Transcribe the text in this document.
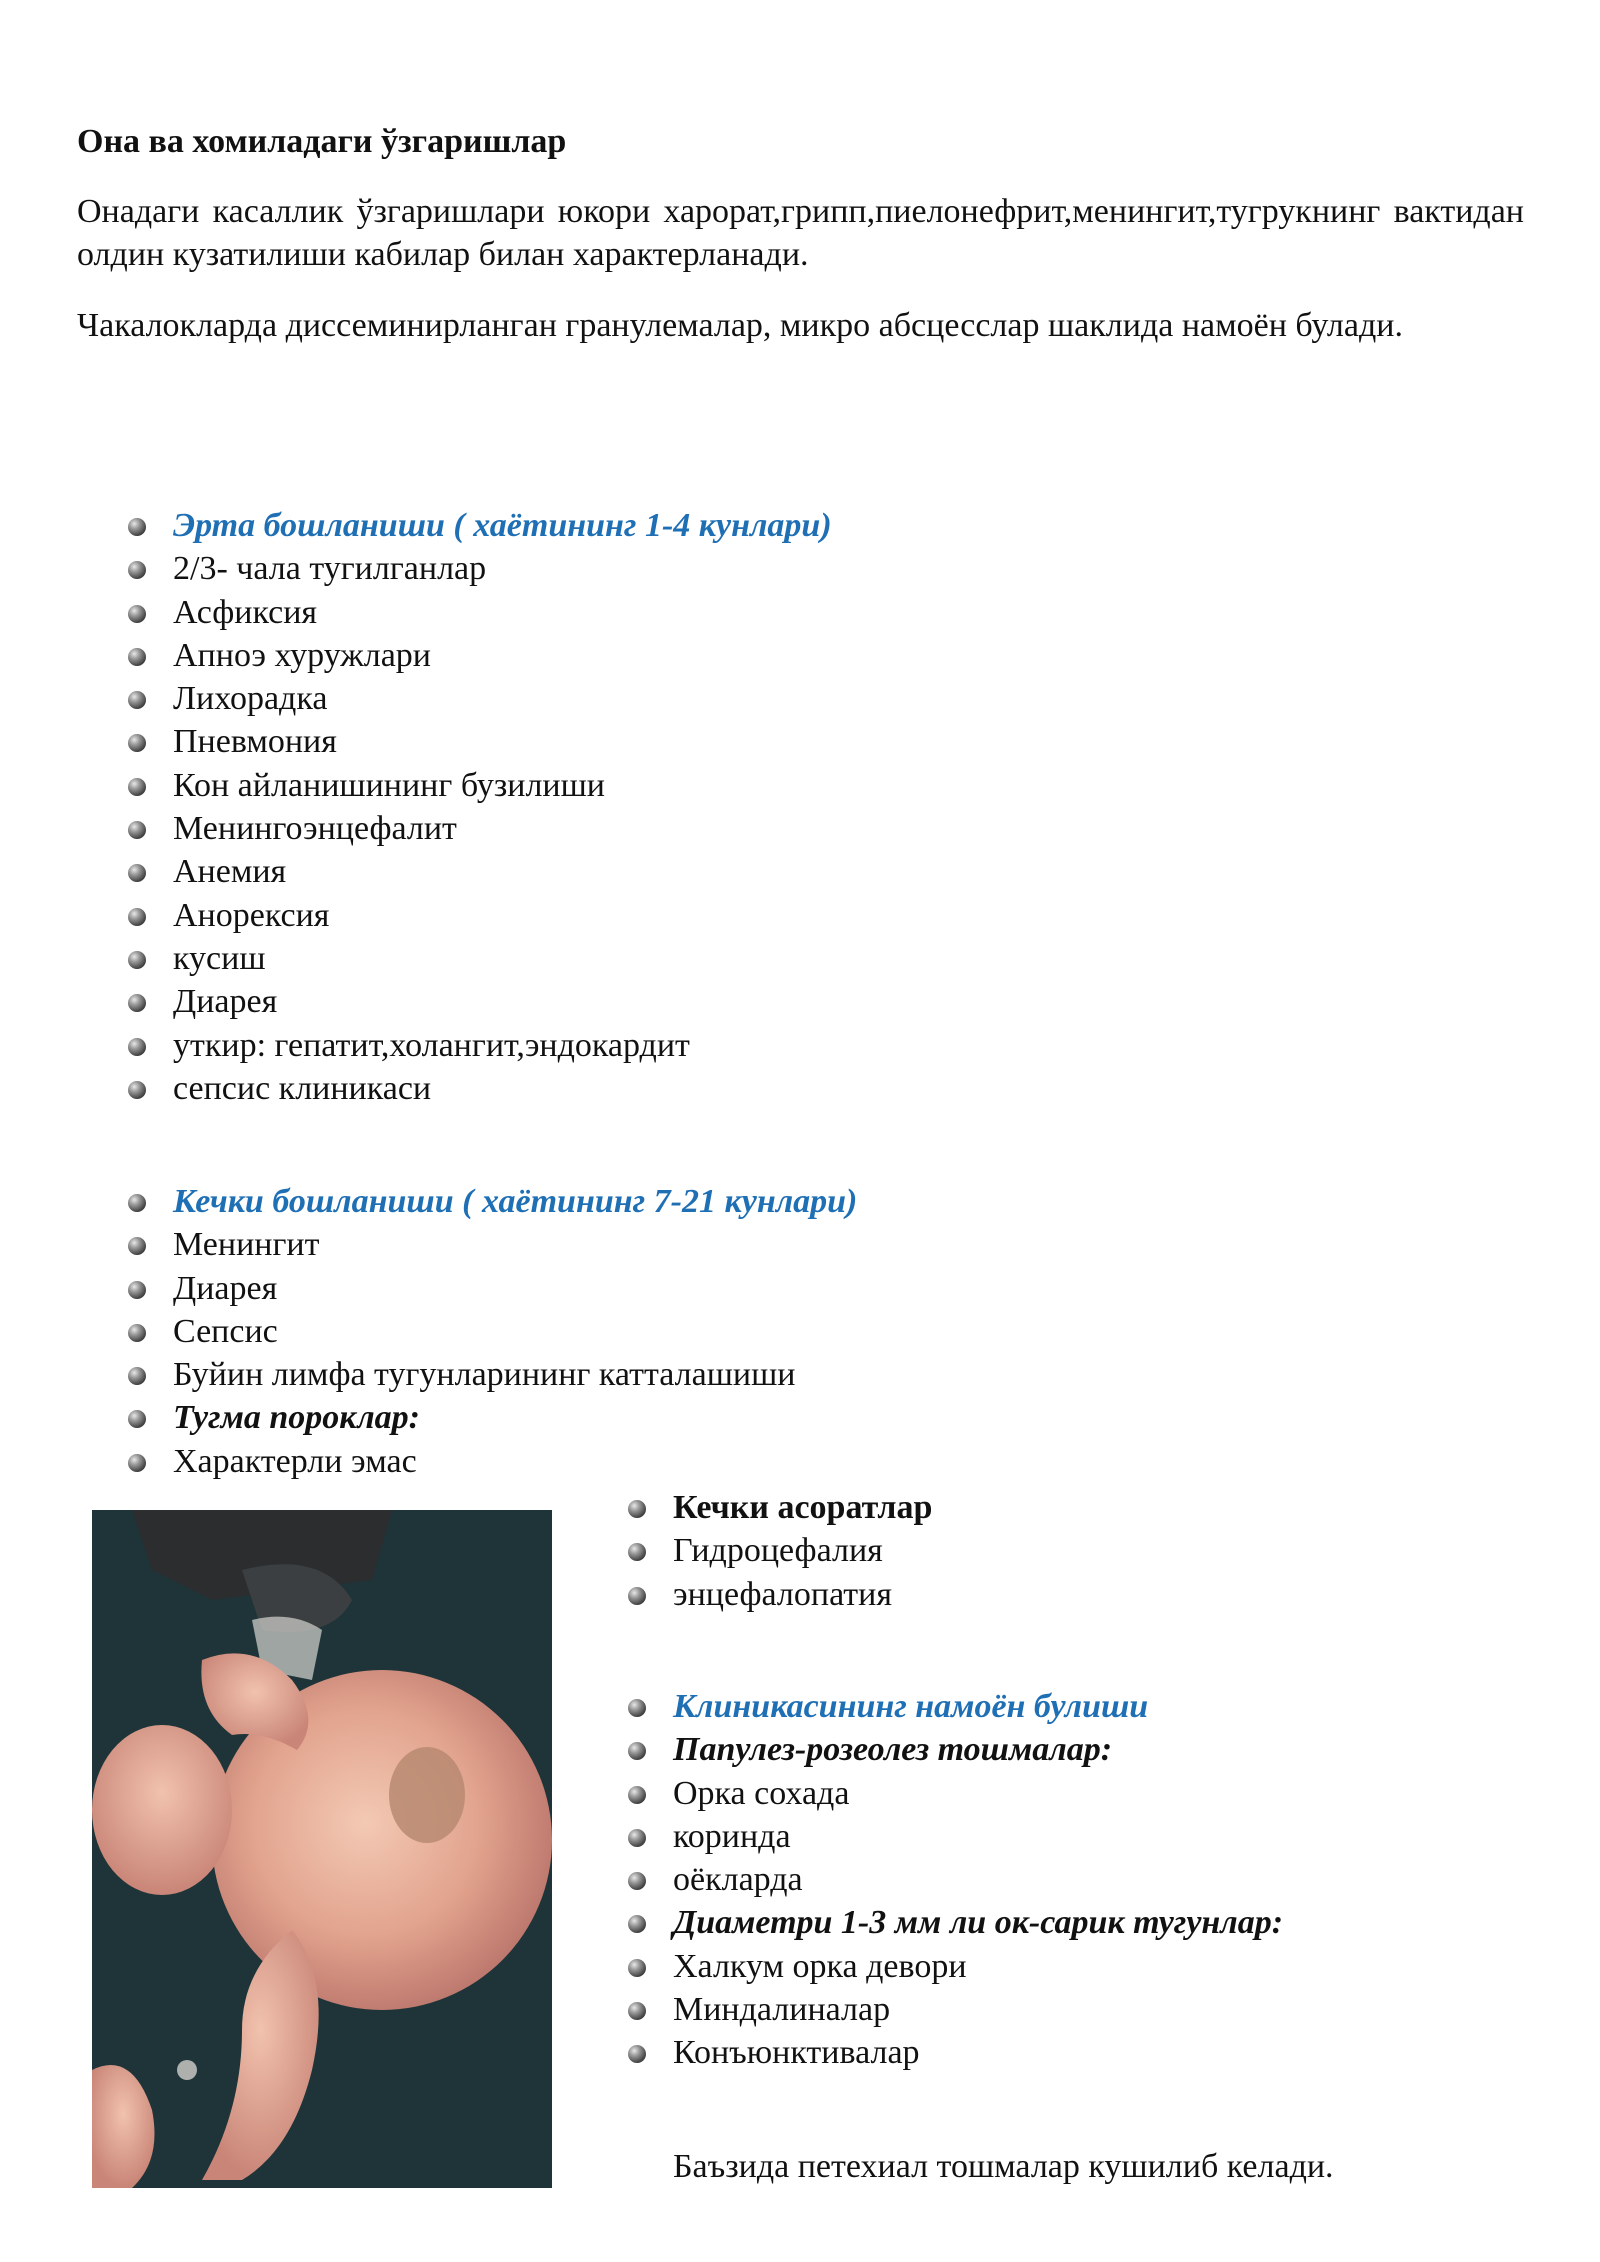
Она ва хомиладаги ўзгаришлар
Онадаги касаллик ўзгаришлари юкори харорат,грипп,пиелонефрит,менингит,тугрукнинг вактидан олдин кузатилиши кабилар билан характерланади.
Чакалокларда диссеминирланган гранулемалар, микро абсцесслар шаклида намоён булади.
Эрта бошланиши ( хаётининг 1-4 кунлари)
2/3- чала тугилганлар
Асфиксия
Апноэ хуружлари
Лихорадка
Пневмония
Кон айланишининг бузилиши
Менингоэнцефалит
Анемия
Анорексия
кусиш
Диарея
уткир: гепатит,холангит,эндокардит
сепсис клиникаси
Кечки бошланиши ( хаётининг 7-21 кунлари)
Менингит
Диарея
Сепсис
Буйин лимфа тугунларининг катталашиши
Тугма пороклар:
Характерли эмас
Кечки асоратлар
Гидроцефалия
энцефалопатия
Клиникасининг намоён булиши
Папулез-розеолез тошмалар:
Орка сохада
коринда
оёкларда
Диаметри 1-3 мм ли ок-сарик тугунлар:
Халкум орка девори
Миндалиналар
Конъюнктивалар
Баъзида петехиал тошмалар кушилиб келади.
